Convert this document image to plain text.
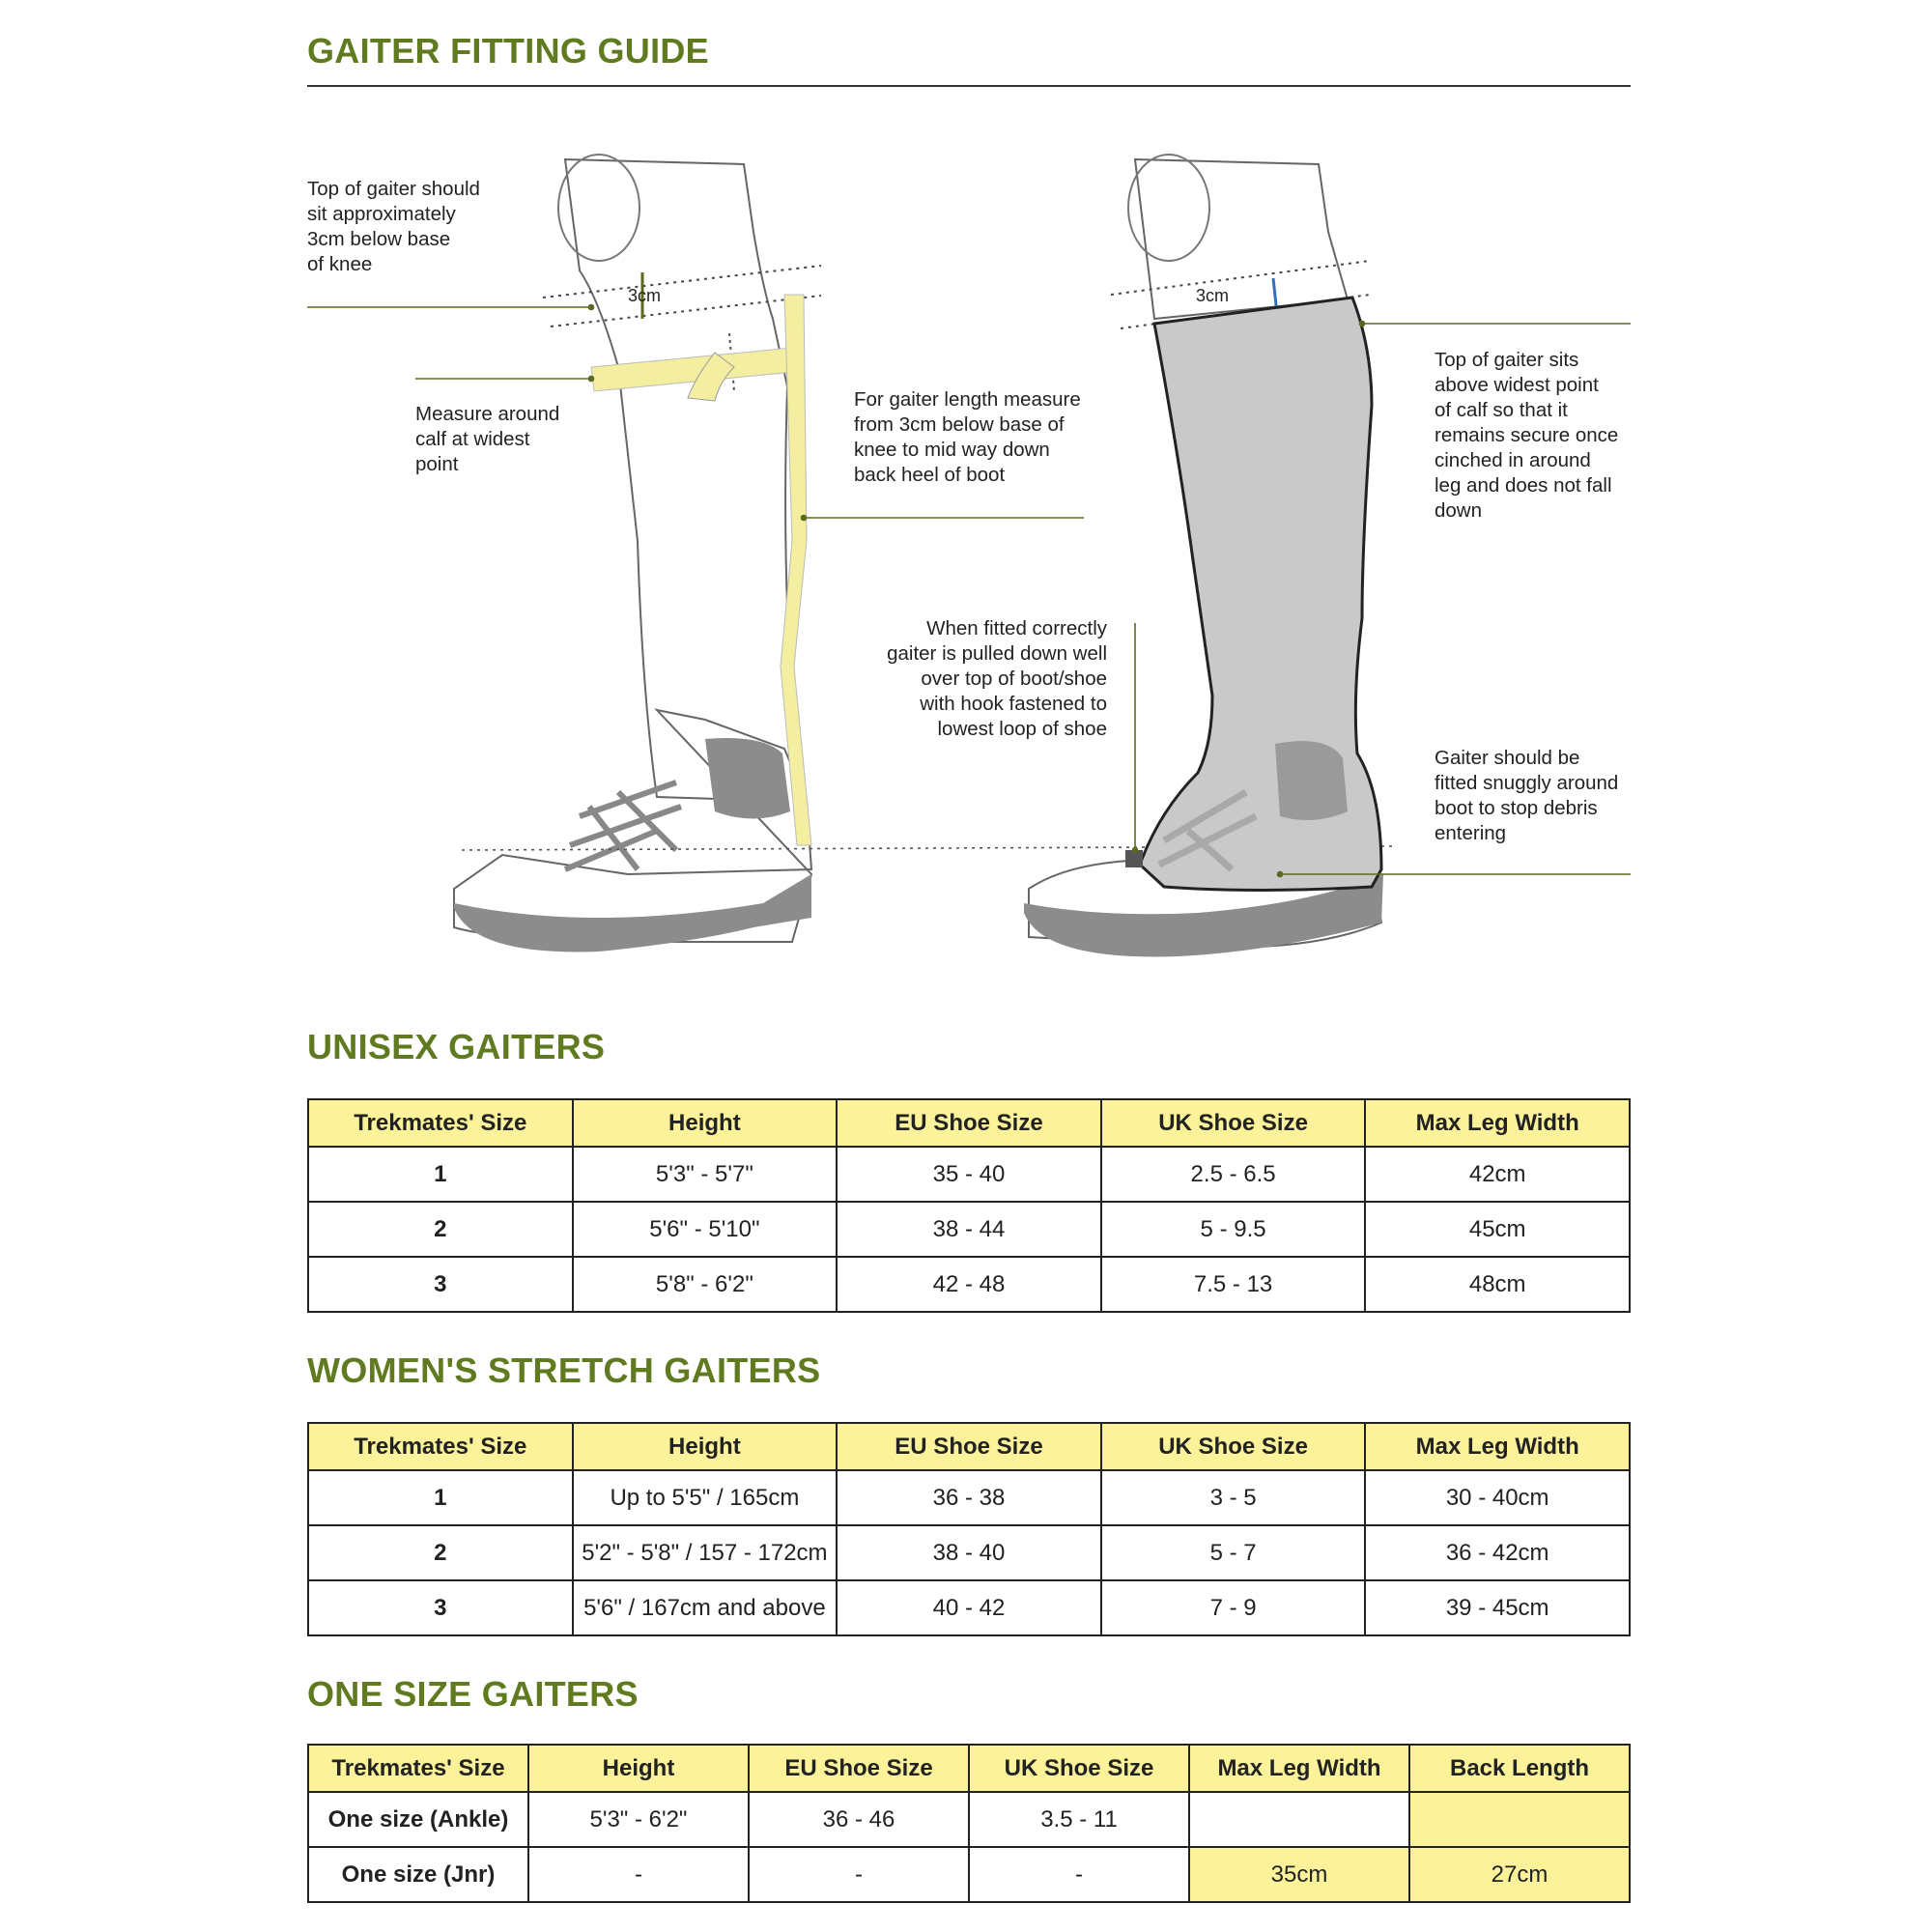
GAITER FITTING GUIDE
Top of gaiter should
sit approximately
3cm below base
of knee
Measure around
calf at widest
point
For gaiter length measure
from 3cm below base of
knee to mid way down
back heel of boot
3cm	3cm
Top of gaiter sits
above widest point
of calf so that it
remains secure once
cinched in around
leg and does not fall
down
When fitted correctly
gaiter is pulled down well
over top of boot/shoe
with hook fastened to
lowest loop of shoe
Gaiter should be
fitted snuggly around
boot to stop debris
entering
UNISEX GAITERS
Trekmates' Size	Height	EU Shoe Size	UK Shoe Size	Max Leg Width
1	5'3" - 5'7"	35 - 40	2.5 - 6.5	42cm
2	5'6" - 5'10"	38 - 44	5 - 9.5	45cm
3	5'8" - 6'2"	42 - 48	7.5 - 13	48cm
WOMEN'S STRETCH GAITERS
Trekmates' Size	Height	EU Shoe Size	UK Shoe Size	Max Leg Width
1	Up to 5'5" / 165cm	36 - 38	3 - 5	30 - 40cm
2	5'2" - 5'8" / 157 - 172cm	38 - 40	5 - 7	36 - 42cm
3	5'6" / 167cm and above	40 - 42	7 - 9	39 - 45cm
ONE SIZE GAITERS
Trekmates' Size	Height	EU Shoe Size	UK Shoe Size	Max Leg Width	Back Length
One size (Ankle)	5'3" - 6'2"	36 - 46	3.5 - 11		
One size (Jnr)	-	-	-	35cm	27cm
